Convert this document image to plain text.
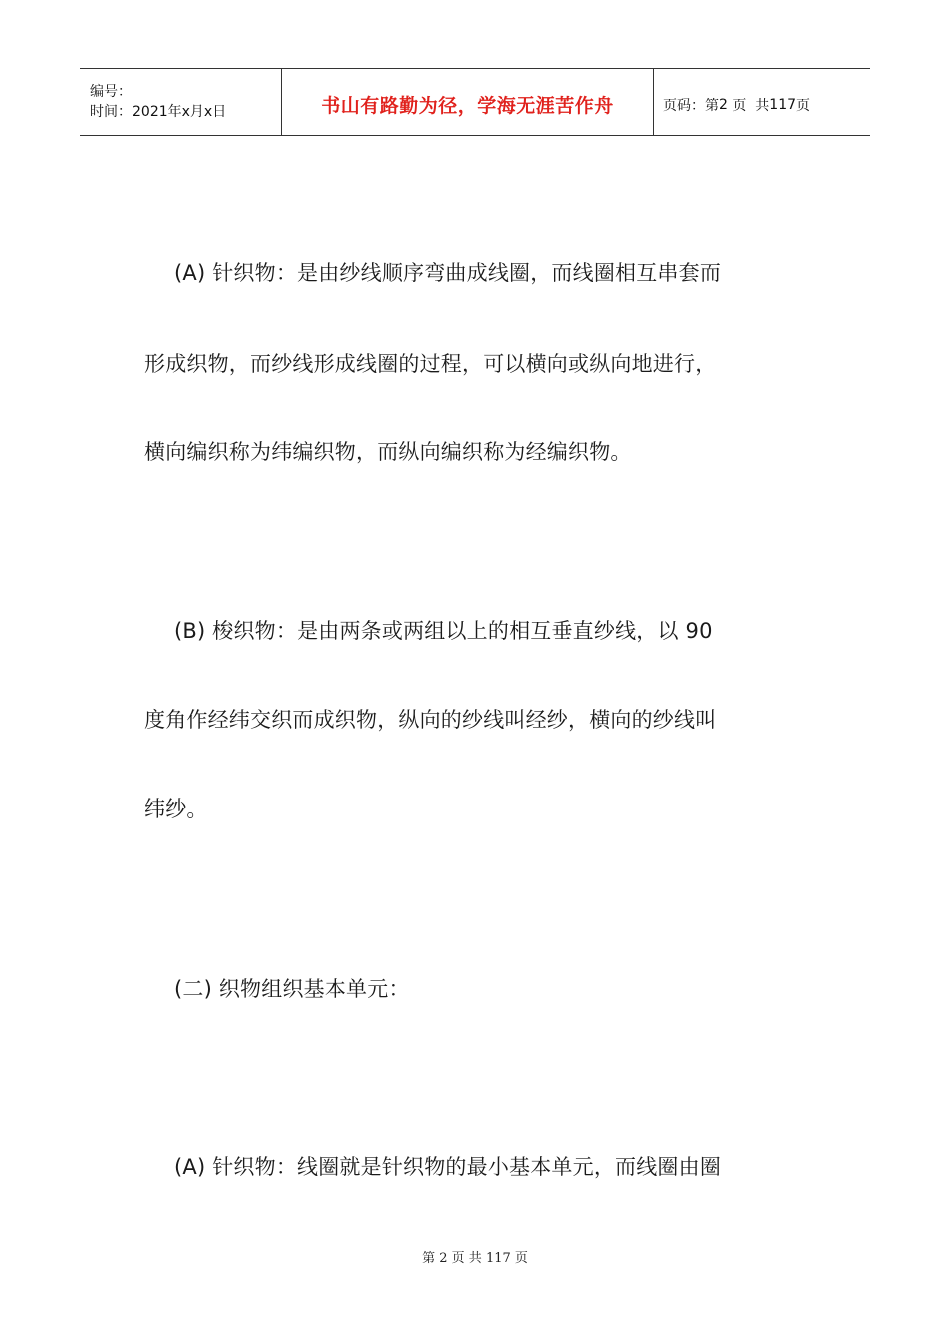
编号：
时间：2021年x月x日	书山有路勤为径，学海无涯苦作舟	页码：第 2
页  共 117 页
(A) 针织物：是由纱线顺序弯曲成线圈，而线圈相互串套而
形成织物，而纱线形成线圈的过程，可以横向或纵向地进行，
横向编织称为纬编织物，而纵向编织称为经编织物。
(B) 梭织物：是由两条或两组以上的相互垂直纱线，以 90
度角作经纬交织而成织物，纵向的纱线叫经纱，横向的纱线叫
纬纱。
(二) 织物组织基本单元：
(A) 针织物：线圈就是针织物的最小基本单元，而线圈由圈
第 2 页 共 117 页
